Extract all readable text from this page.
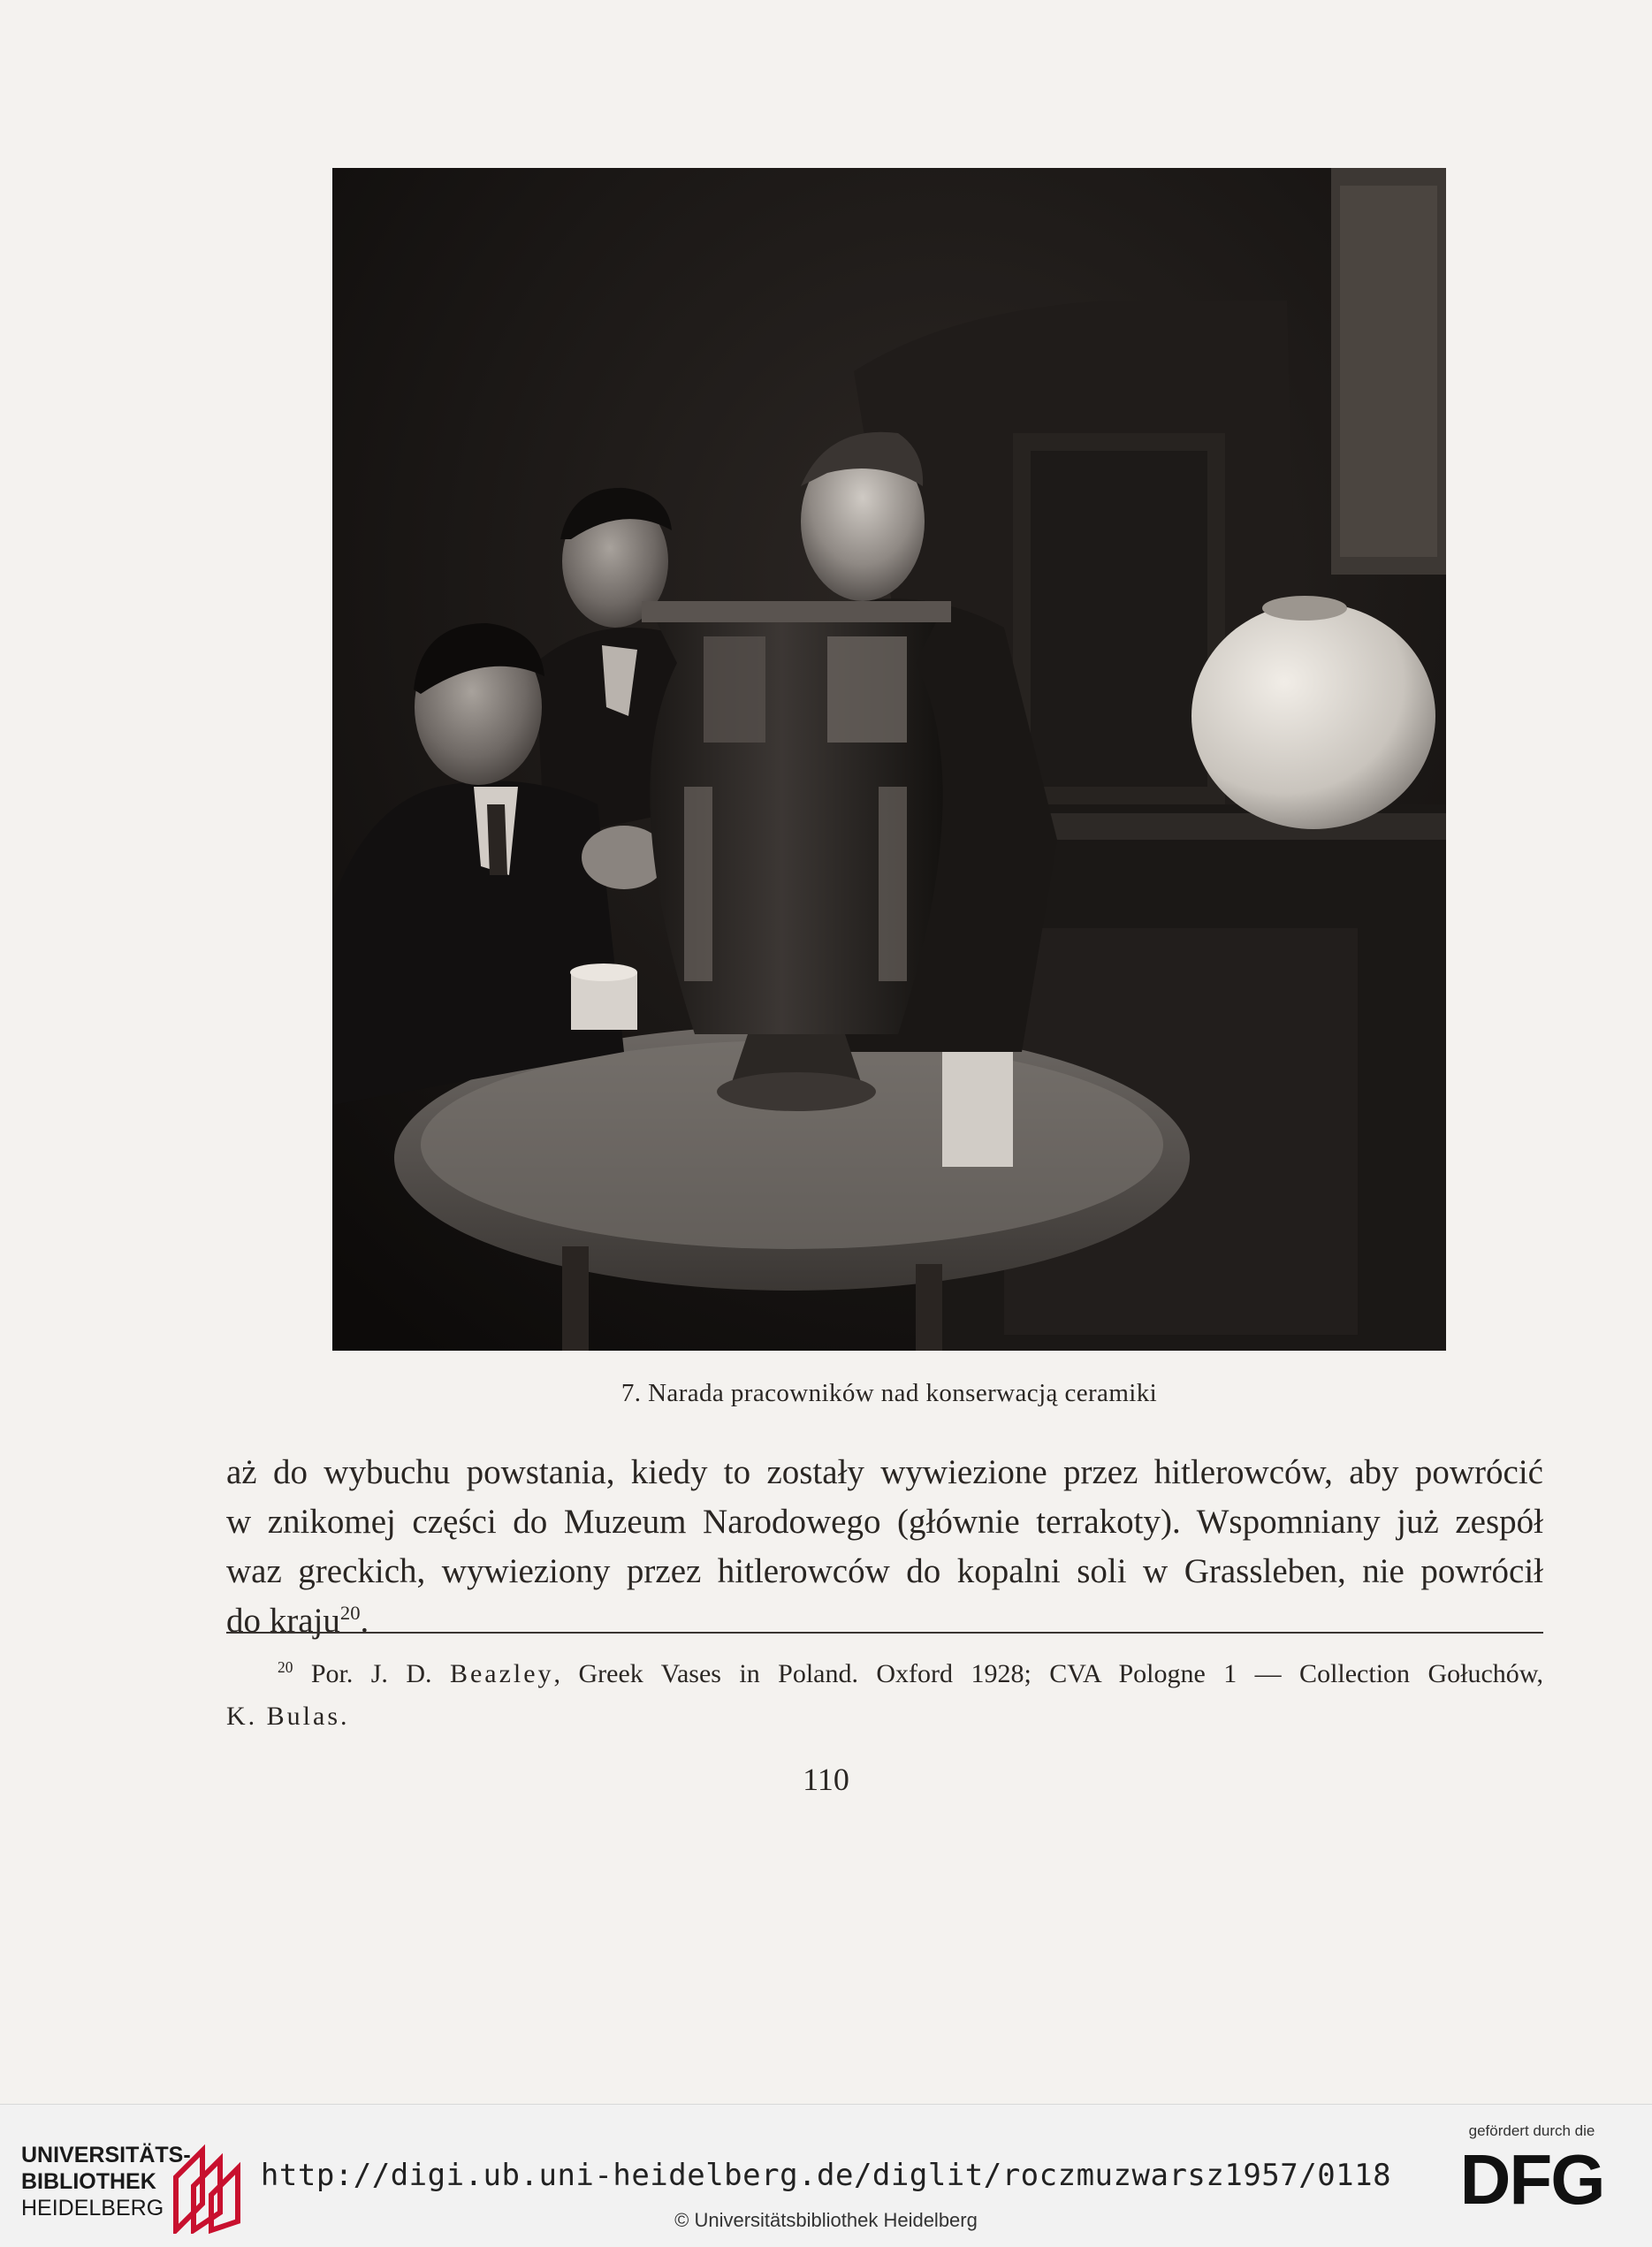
7. Narada pracowników nad konserwacją ceramiki
aż do wybuchu powstania, kiedy to zostały wywiezione przez hitlerowców, aby powrócić
w znikomej części do Muzeum Narodowego (głównie terrakoty). Wspomniany już zespół
waz greckich, wywieziony przez hitlerowców do kopalni soli w Grassleben, nie powrócił
do kraju$^{20}$.
$^{20}$ Por. J. D. Beazley, Greek Vases in Poland. Oxford 1928; CVA Pologne 1 — Collection Gołuchów,
K. Bulas.
110
UNIVERSITÄTS-
BIBLIOTHEK
HEIDELBERG
http://digi.ub.uni-heidelberg.de/diglit/roczmuzwarsz1957/0118
© Universitätsbibliothek Heidelberg
gefördert durch die
DFG
